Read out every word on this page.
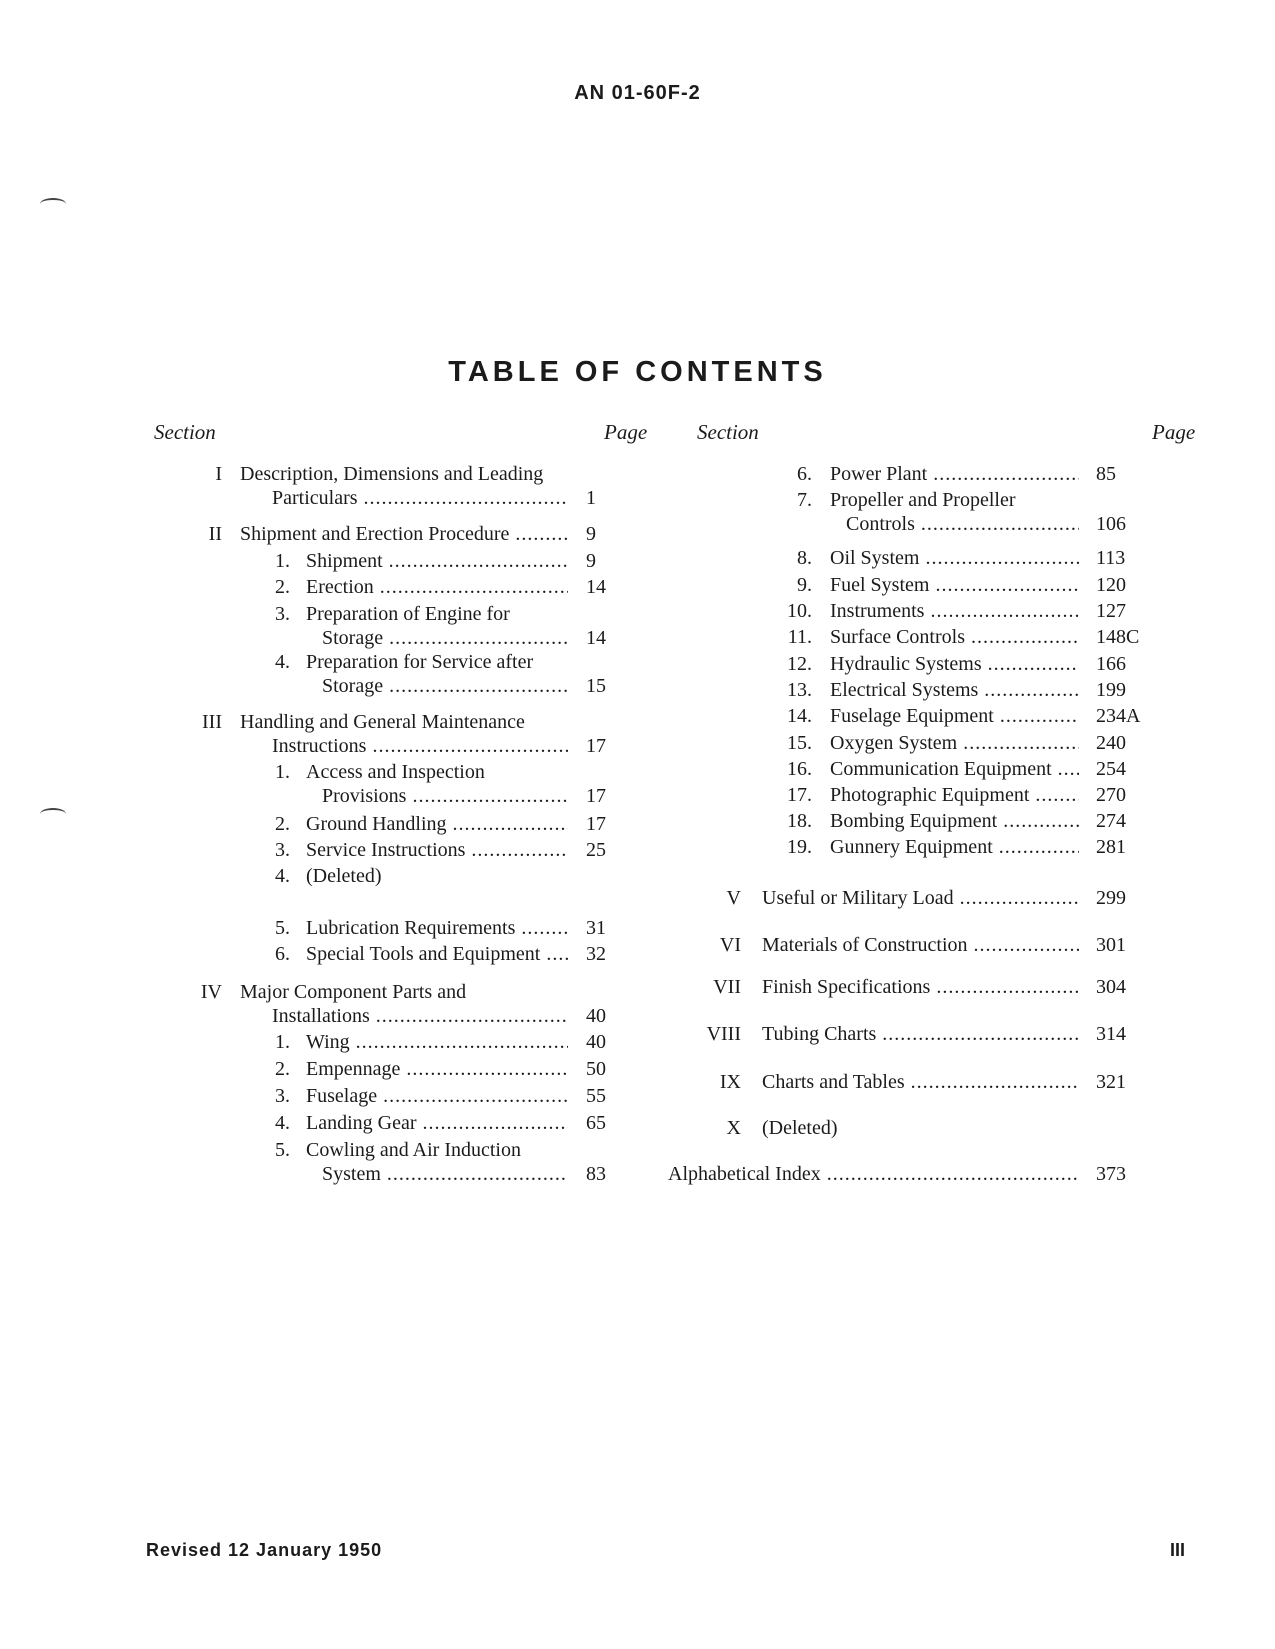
AN 01-60F-2
TABLE OF CONTENTS
Section	Page Section	Page
I Description, Dimensions and Leading
Particulars .....	1
II Shipment and Erection Procedure .....	9
1. Shipment .....	9
2. Erection .....	14
3. Preparation of Engine for
Storage .....	14
4. Preparation for Service after
Storage .....	15
III Handling and General Maintenance
Instructions .....	17
1. Access and Inspection
Provisions .....	17
2. Ground Handling .....	17
3. Service Instructions .....	25
4. (Deleted)
5. Lubrication Requirements .....	31
6. Special Tools and Equipment ..... 32
IV Major Component Parts and
Installations .....	40
1. Wing .....	40
2. Empennage .....	50
3. Fuselage .....	55
4. Landing Gear .....	65
5. Cowling and Air Induction
System .....	83
6. Power Plant .....	85
7. Propeller and Propeller
Controls .....	106
8. Oil System .....	113
9. Fuel System .....	120
10. Instruments .....	127
11. Surface Controls .....	148C
12. Hydraulic Systems .....	166
13. Electrical Systems .....	199
14. Fuselage Equipment .....	234A
15. Oxygen System .....	240
16. Communication Equipment ..... 254
17. Photographic Equipment .....	270
18. Bombing Equipment .....	274
19. Gunnery Equipment .....	281
V Useful or Military Load .....	299
VI Materials of Construction .....	301
VII Finish Specifications .....	304
VIII Tubing Charts .....	314
IX Charts and Tables .....	321
X (Deleted)
Alphabetical Index .....	373
Revised 12 January 1950	III
